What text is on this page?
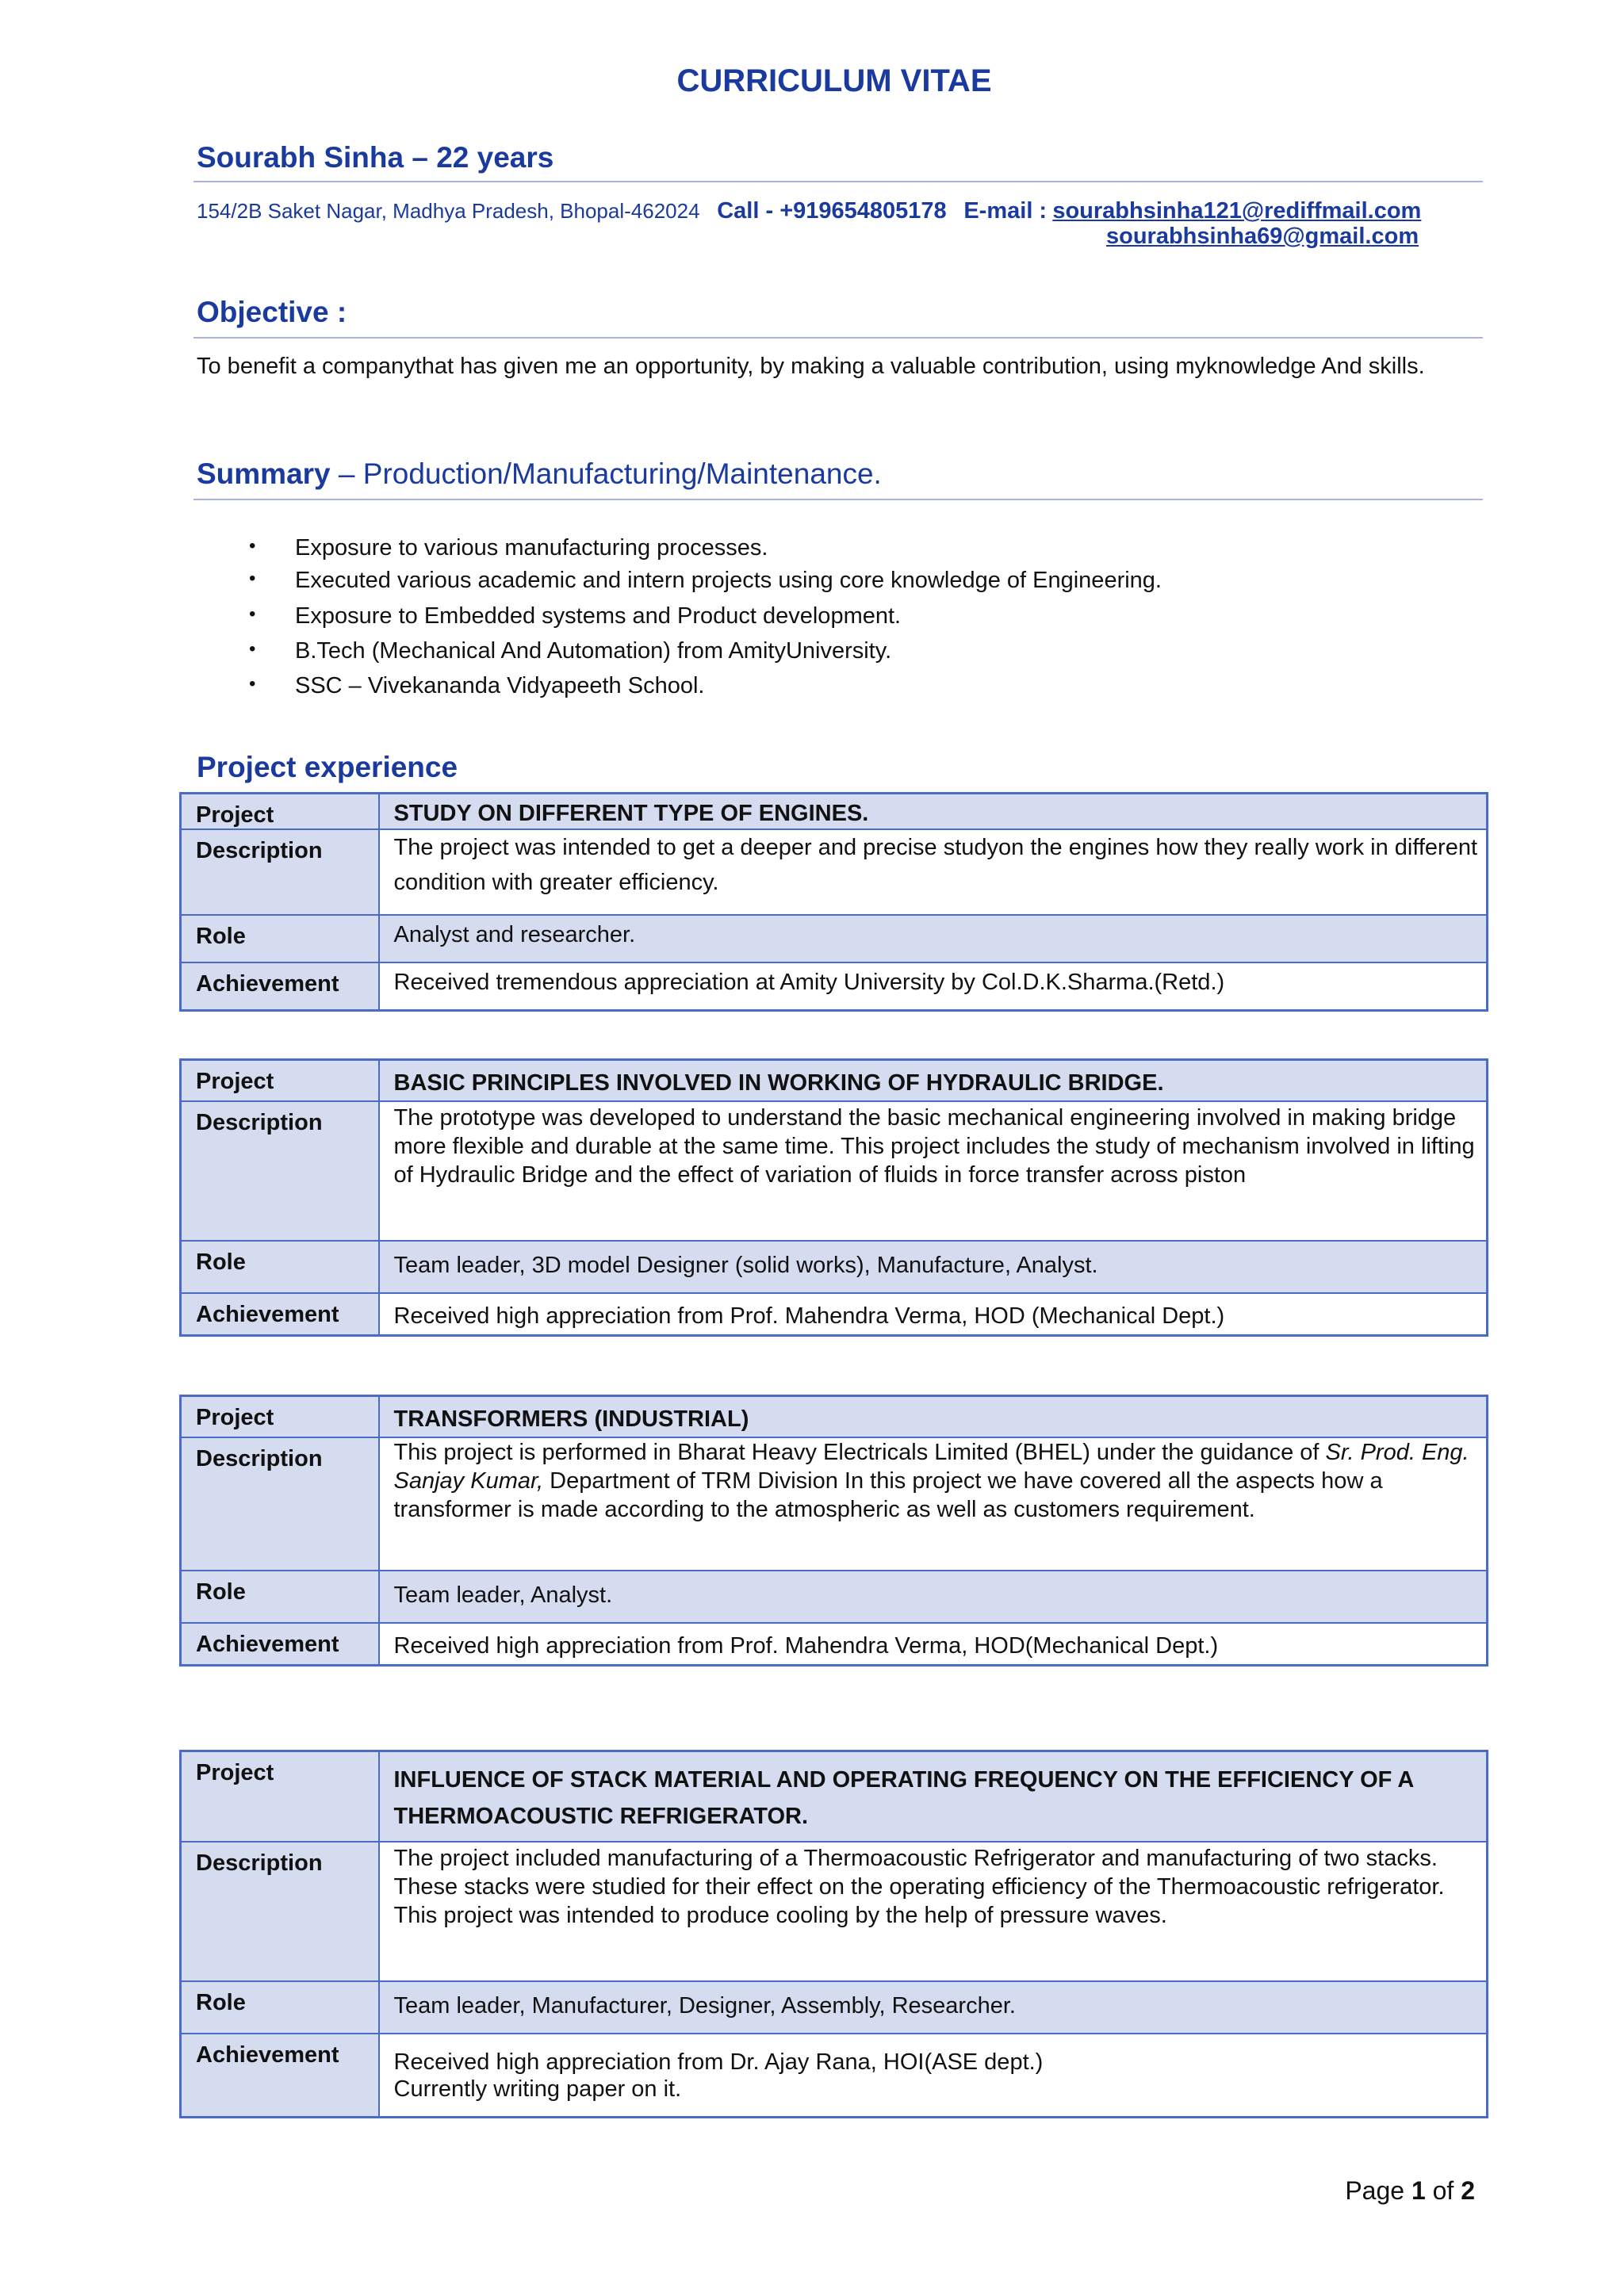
CURRICULUM VITAE
Sourabh Sinha – 22 years
154/2B Saket Nagar, Madhya Pradesh, Bhopal-462024 Call - +919654805178 E-mail : sourabhsinha121@rediffmail.com
sourabhsinha69@gmail.com
Objective :
To benefit a companythat has given me an opportunity, by making a valuable contribution, using myknowledge And skills.
Summary – Production/Manufacturing/Maintenance.
• Exposure to various manufacturing processes.
• Executed various academic and intern projects using core knowledge of Engineering.
• Exposure to Embedded systems and Product development.
• B.Tech (Mechanical And Automation) from AmityUniversity.
• SSC – Vivekananda Vidyapeeth School.
Project experience
Project	STUDY ON DIFFERENT TYPE OF ENGINES.
Description	The project was intended to get a deeper and precise studyon the engines how they really work in different condition with greater efficiency.
Role	Analyst and researcher.
Achievement	Received tremendous appreciation at Amity University by Col.D.K.Sharma.(Retd.)
Project	BASIC PRINCIPLES INVOLVED IN WORKING OF HYDRAULIC BRIDGE.
Description	The prototype was developed to understand the basic mechanical engineering involved in making bridge more flexible and durable at the same time. This project includes the study of mechanism involved in lifting of Hydraulic Bridge and the effect of variation of fluids in force transfer across piston
Role	Team leader, 3D model Designer (solid works), Manufacture, Analyst.
Achievement	Received high appreciation from Prof. Mahendra Verma, HOD (Mechanical Dept.)
Project	TRANSFORMERS (INDUSTRIAL)
Description	This project is performed in Bharat Heavy Electricals Limited (BHEL) under the guidance of Sr. Prod. Eng. Sanjay Kumar, Department of TRM Division In this project we have covered all the aspects how a transformer is made according to the atmospheric as well as customers requirement.
Role	Team leader, Analyst.
Achievement	Received high appreciation from Prof. Mahendra Verma, HOD(Mechanical Dept.)
Project	INFLUENCE OF STACK MATERIAL AND OPERATING FREQUENCY ON THE EFFICIENCY OF A THERMOACOUSTIC REFRIGERATOR.
Description	The project included manufacturing of a Thermoacoustic Refrigerator and manufacturing of two stacks. These stacks were studied for their effect on the operating efficiency of the Thermoacoustic refrigerator. This project was intended to produce cooling by the help of pressure waves.
Role	Team leader, Manufacturer, Designer, Assembly, Researcher.
Achievement	Received high appreciation from Dr. Ajay Rana, HOI(ASE dept.)
Currently writing paper on it.
Page 1 of 2
